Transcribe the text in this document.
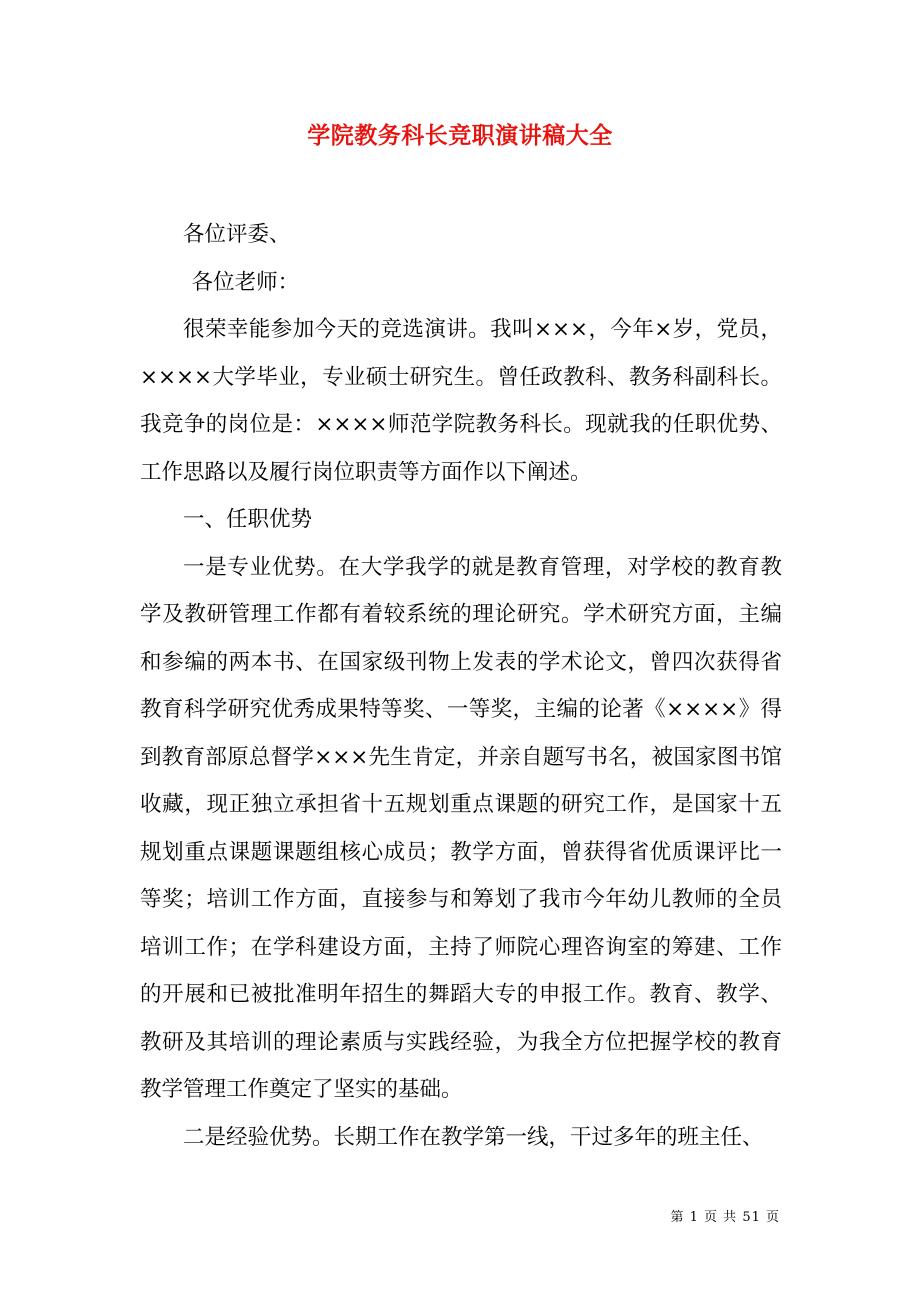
学院教务科长竞职演讲稿大全

各位评委、

各位老师：

很荣幸能参加今天的竞选演讲。我叫×××，今年×岁，党员，××××大学毕业，专业硕士研究生。曾任政教科、教务科副科长。我竞争的岗位是：××××师范学院教务科长。现就我的任职优势、工作思路以及履行岗位职责等方面作以下阐述。

一、任职优势

一是专业优势。在大学我学的就是教育管理，对学校的教育教学及教研管理工作都有着较系统的理论研究。学术研究方面，主编和参编的两本书、在国家级刊物上发表的学术论文，曾四次获得省教育科学研究优秀成果特等奖、一等奖，主编的论著《××××》得到教育部原总督学×××先生肯定，并亲自题写书名，被国家图书馆收藏，现正独立承担省十五规划重点课题的研究工作，是国家十五规划重点课题课题组核心成员；教学方面，曾获得省优质课评比一等奖；培训工作方面，直接参与和筹划了我市今年幼儿教师的全员培训工作；在学科建设方面，主持了师院心理咨询室的筹建、工作的开展和已被批准明年招生的舞蹈大专的申报工作。教育、教学、教研及其培训的理论素质与实践经验，为我全方位把握学校的教育教学管理工作奠定了坚实的基础。

二是经验优势。长期工作在教学第一线，干过多年的班主任、

第 1 页 共 51 页
